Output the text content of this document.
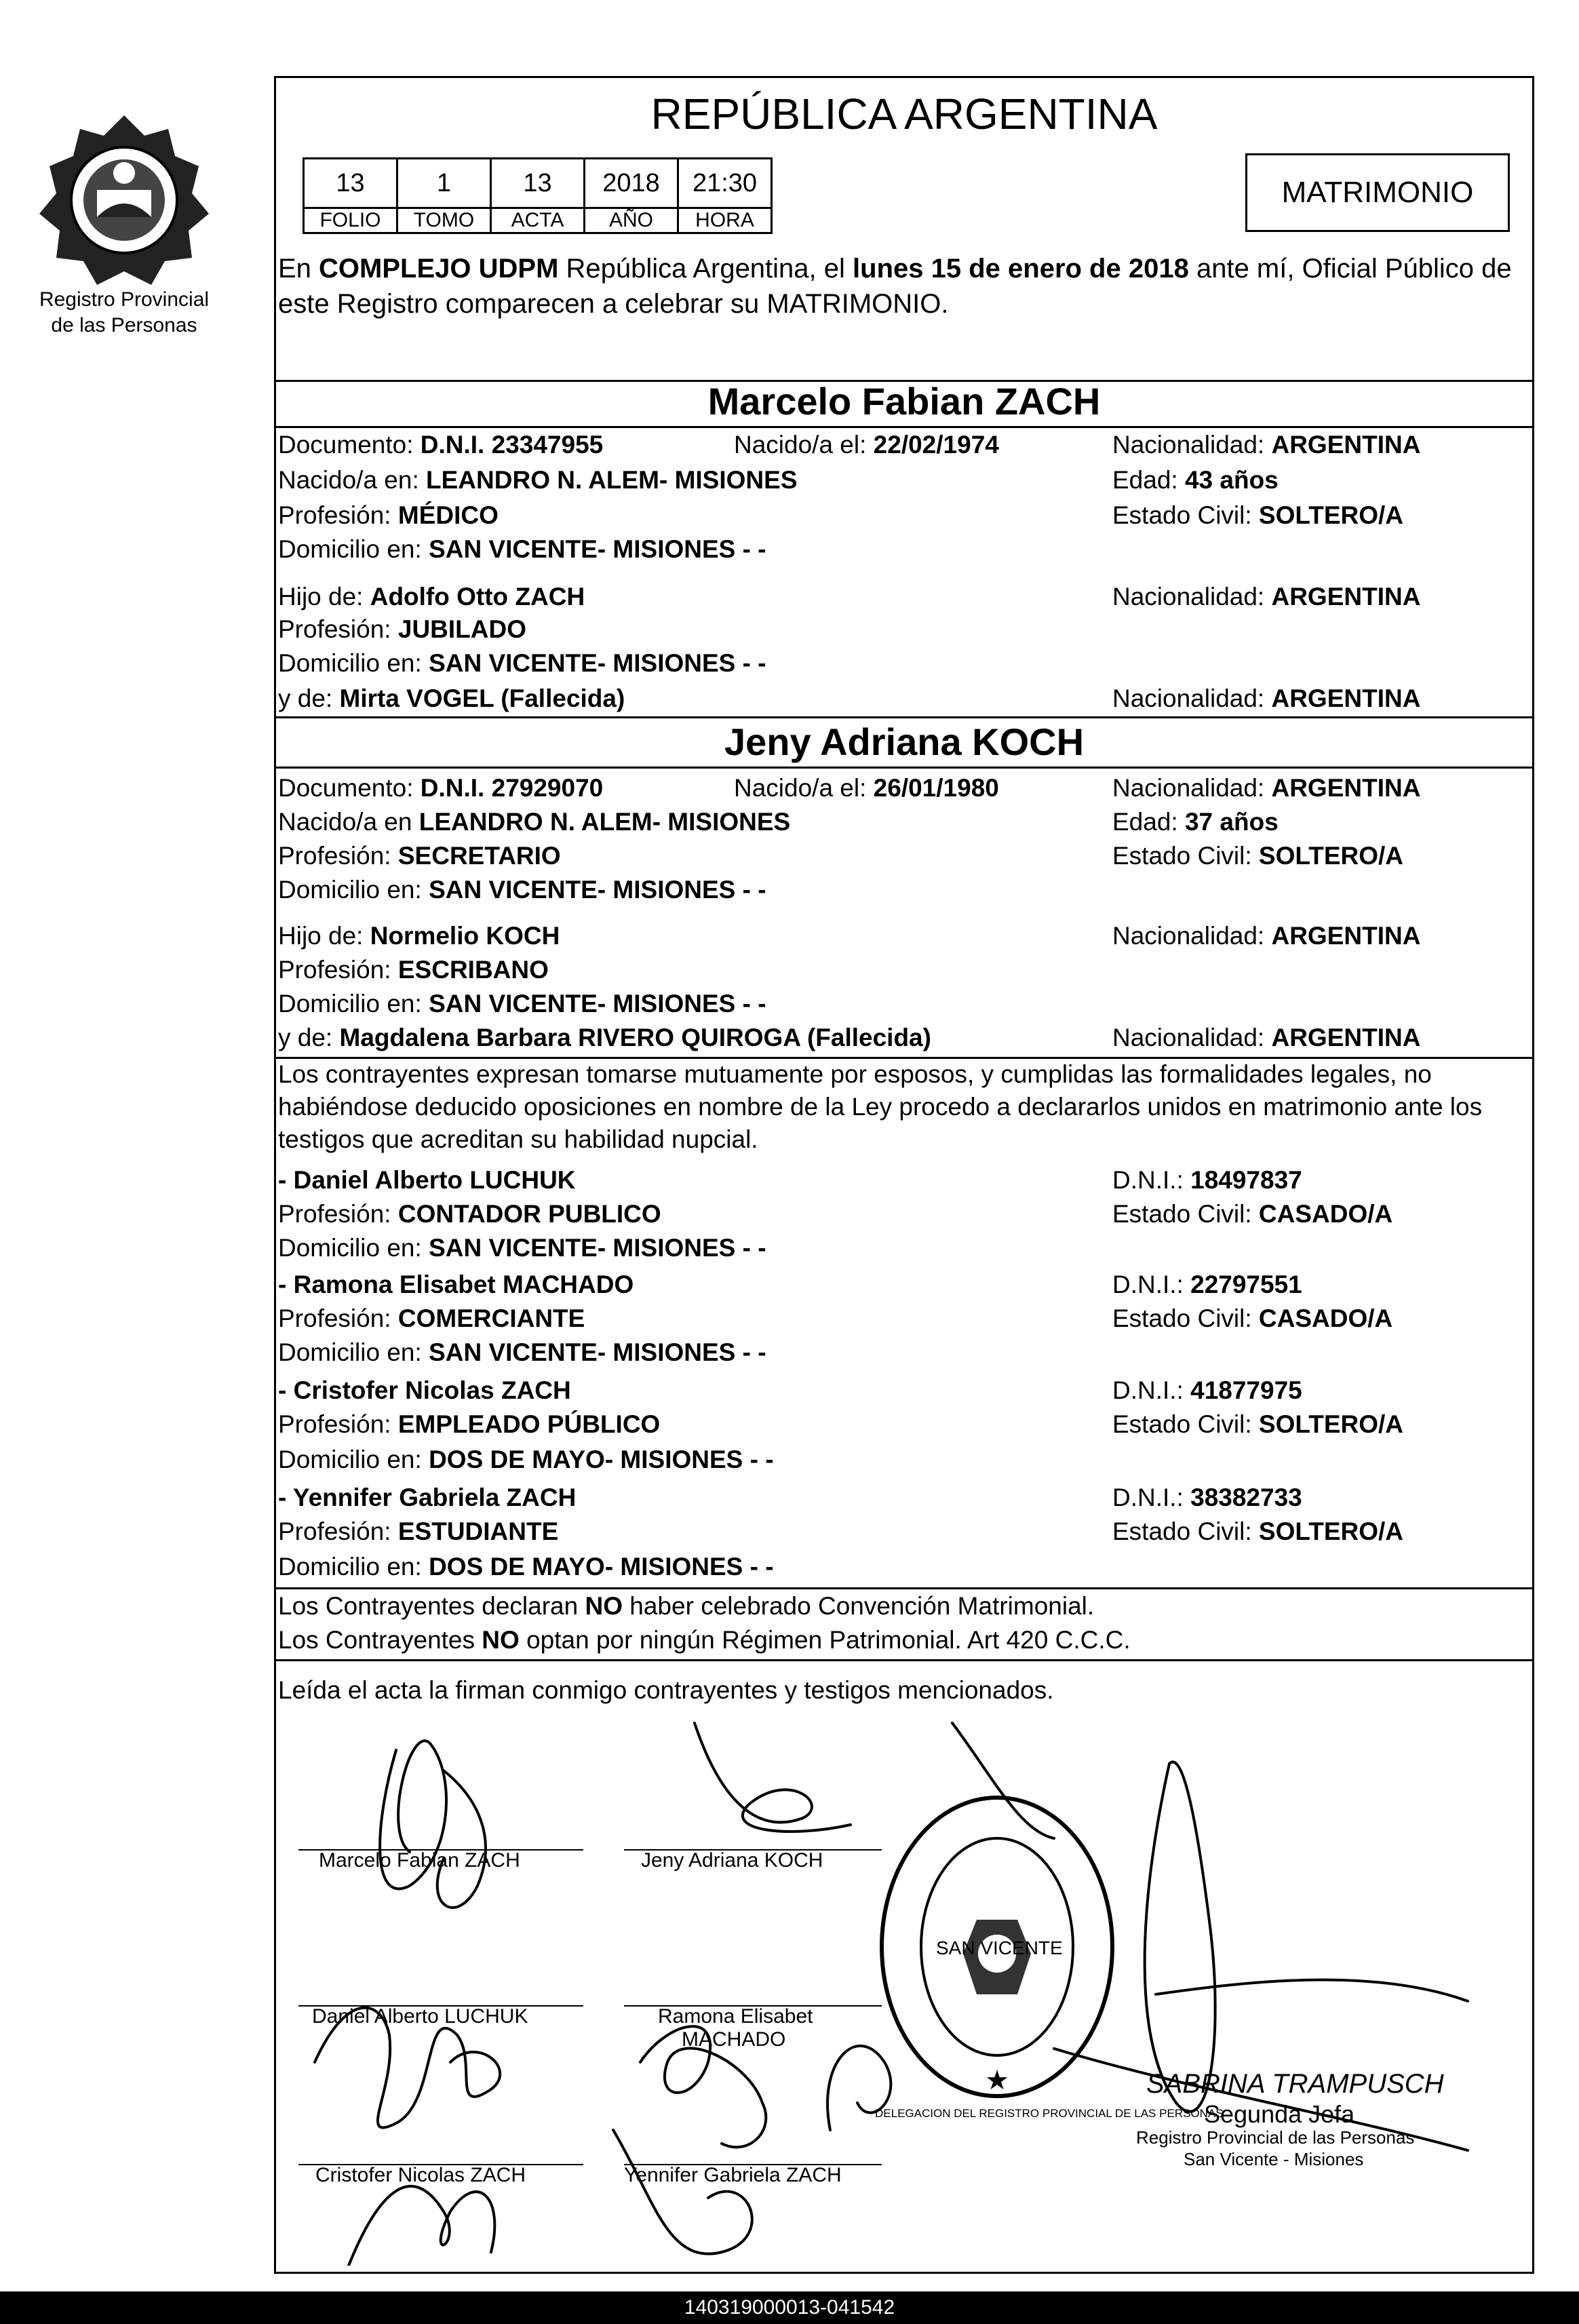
Registro Provincial
de las Personas
REPÚBLICA ARGENTINA
13	1	13	2018	21:30
FOLIO	TOMO	ACTA	AÑO	HORA
MATRIMONIO
En COMPLEJO UDPM República Argentina, el lunes 15 de enero de 2018 ante mí, Oficial Público de este Registro comparecen a celebrar su MATRIMONIO.
Marcelo Fabian ZACH
Documento: D.N.I. 23347955	Nacido/a el: 22/02/1974	Nacionalidad: ARGENTINA
Nacido/a en: LEANDRO N. ALEM- MISIONES	Edad: 43 años
Profesión: MÉDICO	Estado Civil: SOLTERO/A
Domicilio en: SAN VICENTE- MISIONES - -
Hijo de: Adolfo Otto ZACH	Nacionalidad: ARGENTINA
Profesión: JUBILADO
Domicilio en: SAN VICENTE- MISIONES - -
y de: Mirta VOGEL (Fallecida)	Nacionalidad: ARGENTINA
Jeny Adriana KOCH
Documento: D.N.I. 27929070	Nacido/a el: 26/01/1980	Nacionalidad: ARGENTINA
Nacido/a en LEANDRO N. ALEM- MISIONES	Edad: 37 años
Profesión: SECRETARIO	Estado Civil: SOLTERO/A
Domicilio en: SAN VICENTE- MISIONES - -
Hijo de: Normelio KOCH	Nacionalidad: ARGENTINA
Profesión: ESCRIBANO
Domicilio en: SAN VICENTE- MISIONES - -
y de: Magdalena Barbara RIVERO QUIROGA (Fallecida)	Nacionalidad: ARGENTINA
Los contrayentes expresan tomarse mutuamente por esposos, y cumplidas las formalidades legales, no habiéndose deducido oposiciones en nombre de la Ley procedo a declararlos unidos en matrimonio ante los testigos que acreditan su habilidad nupcial.
- Daniel Alberto LUCHUK	D.N.I.: 18497837
Profesión: CONTADOR PUBLICO	Estado Civil: CASADO/A
Domicilio en: SAN VICENTE- MISIONES - -
- Ramona Elisabet MACHADO	D.N.I.: 22797551
Profesión: COMERCIANTE	Estado Civil: CASADO/A
Domicilio en: SAN VICENTE- MISIONES - -
- Cristofer Nicolas ZACH	D.N.I.: 41877975
Profesión: EMPLEADO PÚBLICO	Estado Civil: SOLTERO/A
Domicilio en: DOS DE MAYO- MISIONES - -
- Yennifer Gabriela ZACH	D.N.I.: 38382733
Profesión: ESTUDIANTE	Estado Civil: SOLTERO/A
Domicilio en: DOS DE MAYO- MISIONES - -
Los Contrayentes declaran NO haber celebrado Convención Matrimonial.
Los Contrayentes NO optan por ningún Régimen Patrimonial. Art 420 C.C.C.
Leída el acta la firman conmigo contrayentes y testigos mencionados.
Marcelo Fabian ZACH	Jeny Adriana KOCH
Daniel Alberto LUCHUK	Ramona Elisabet
MACHADO
Cristofer Nicolas ZACH	Yennifer Gabriela ZACH
★
DELEGACION DEL REGISTRO PROVINCIAL DE LAS PERSONAS
SAN VICENTE
SABRINA TRAMPUSCH
Segunda Jefa
Registro Provincial de las Personas
San Vicente - Misiones
140319000013-041542
